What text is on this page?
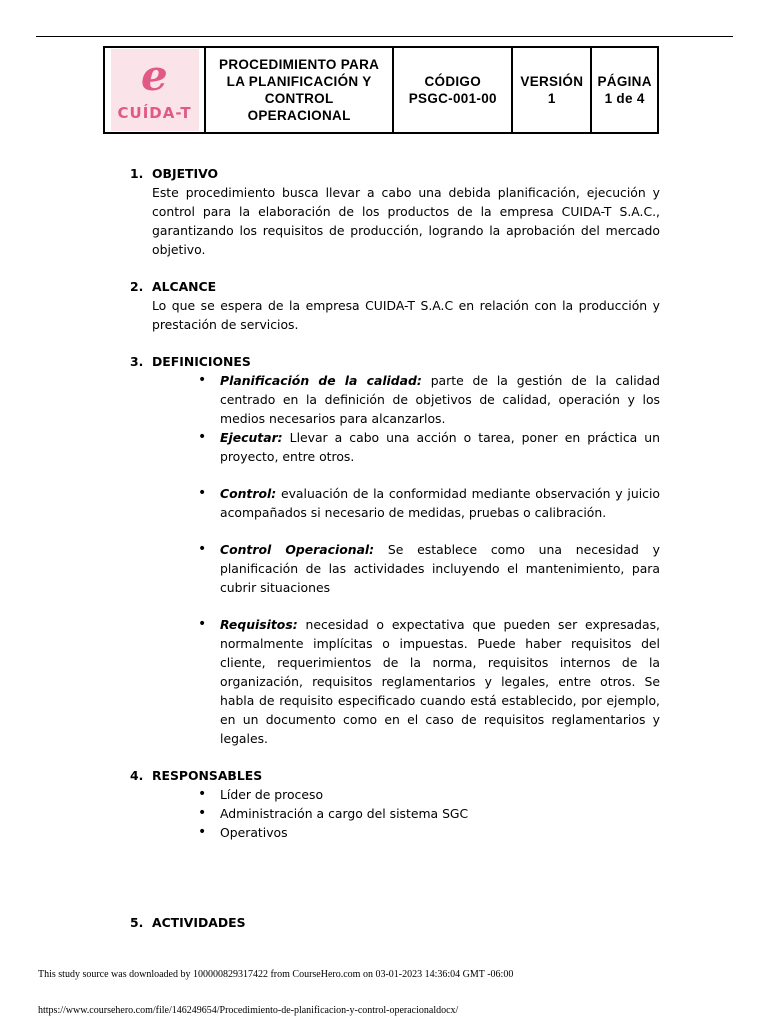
e
CUÍDA-T

PROCEDIMIENTO PARA
LA PLANIFICACIÓN Y
CONTROL
OPERACIONAL

CÓDIGO
PSGC-001-00

VERSIÓN
1

PÁGINA
1 de 4
1. OBJETIVO
Este procedimiento busca llevar a cabo una debida planificación, ejecución y control para la elaboración de los productos de la empresa CUIDA-T S.A.C., garantizando los requisitos de producción, logrando la aprobación del mercado objetivo.
2. ALCANCE
Lo que se espera de la empresa CUIDA-T S.A.C en relación con la producción y prestación de servicios.
3. DEFINICIONES
• Planificación de la calidad: parte de la gestión de la calidad centrado en la definición de objetivos de calidad, operación y los medios necesarios para alcanzarlos.
• Ejecutar: Llevar a cabo una acción o tarea, poner en práctica un proyecto, entre otros.
• Control: evaluación de la conformidad mediante observación y juicio acompañados si necesario de medidas, pruebas o calibración.
• Control Operacional: Se establece como una necesidad y planificación de las actividades incluyendo el mantenimiento, para cubrir situaciones
• Requisitos: necesidad o expectativa que pueden ser expresadas, normalmente implícitas o impuestas. Puede haber requisitos del cliente, requerimientos de la norma, requisitos internos de la organización, requisitos reglamentarios y legales, entre otros. Se habla de requisito especificado cuando está establecido, por ejemplo, en un documento como en el caso de requisitos reglamentarios y legales.
4. RESPONSABLES
• Líder de proceso
• Administración a cargo del sistema SGC
• Operativos
5. ACTIVIDADES
This study source was downloaded by 100000829317422 from CourseHero.com on 03-01-2023 14:36:04 GMT -06:00
https://www.coursehero.com/file/146249654/Procedimiento-de-planificacion-y-control-operacionaldocx/
